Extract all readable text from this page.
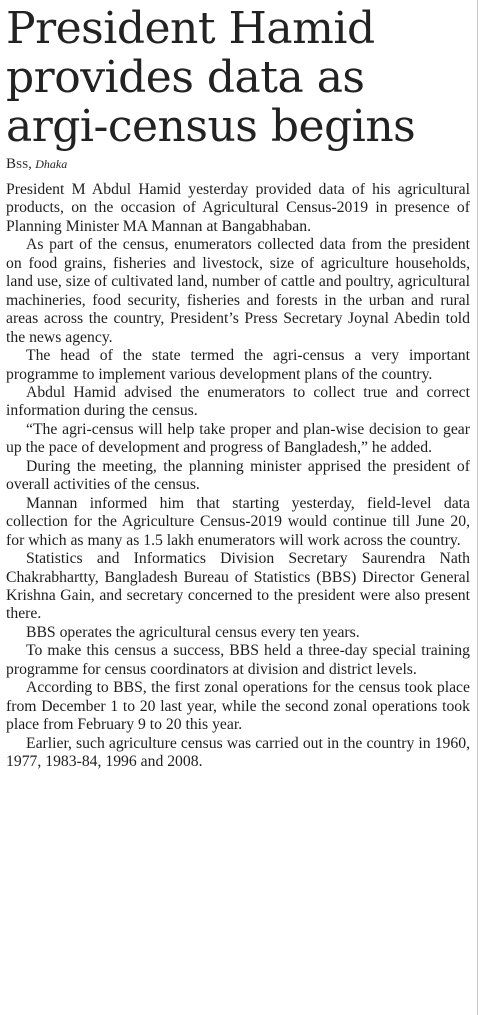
President Hamid provides data as argi-census begins
Bss, Dhaka

President M Abdul Hamid yesterday provided data of his agricultural products, on the occasion of Agricultural Census-2019 in presence of Planning Minister MA Mannan at Bangabhaban.

As part of the census, enumerators collected data from the president on food grains, fisheries and livestock, size of agriculture households, land use, size of cultivated land, number of cattle and poultry, agricultural machineries, food security, fisheries and forests in the urban and rural areas across the country, President’s Press Secretary Joynal Abedin told the news agency.

The head of the state termed the agri-census a very important programme to implement various development plans of the country.

Abdul Hamid advised the enumerators to collect true and correct information during the census.

“The agri-census will help take proper and plan-wise decision to gear up the pace of development and progress of Bangladesh,” he added.

During the meeting, the planning minister apprised the president of overall activities of the census.

Mannan informed him that starting yesterday, field-level data collection for the Agriculture Census-2019 would continue till June 20, for which as many as 1.5 lakh enumerators will work across the country.

Statistics and Informatics Division Secretary Saurendra Nath Chakrabhartty, Bangladesh Bureau of Statistics (BBS) Director General Krishna Gain, and secretary concerned to the president were also present there.

BBS operates the agricultural census every ten years.

To make this census a success, BBS held a three-day special training programme for census coordinators at division and district levels.

According to BBS, the first zonal operations for the census took place from December 1 to 20 last year, while the second zonal operations took place from February 9 to 20 this year.

Earlier, such agriculture census was carried out in the country in 1960, 1977, 1983-84, 1996 and 2008.
